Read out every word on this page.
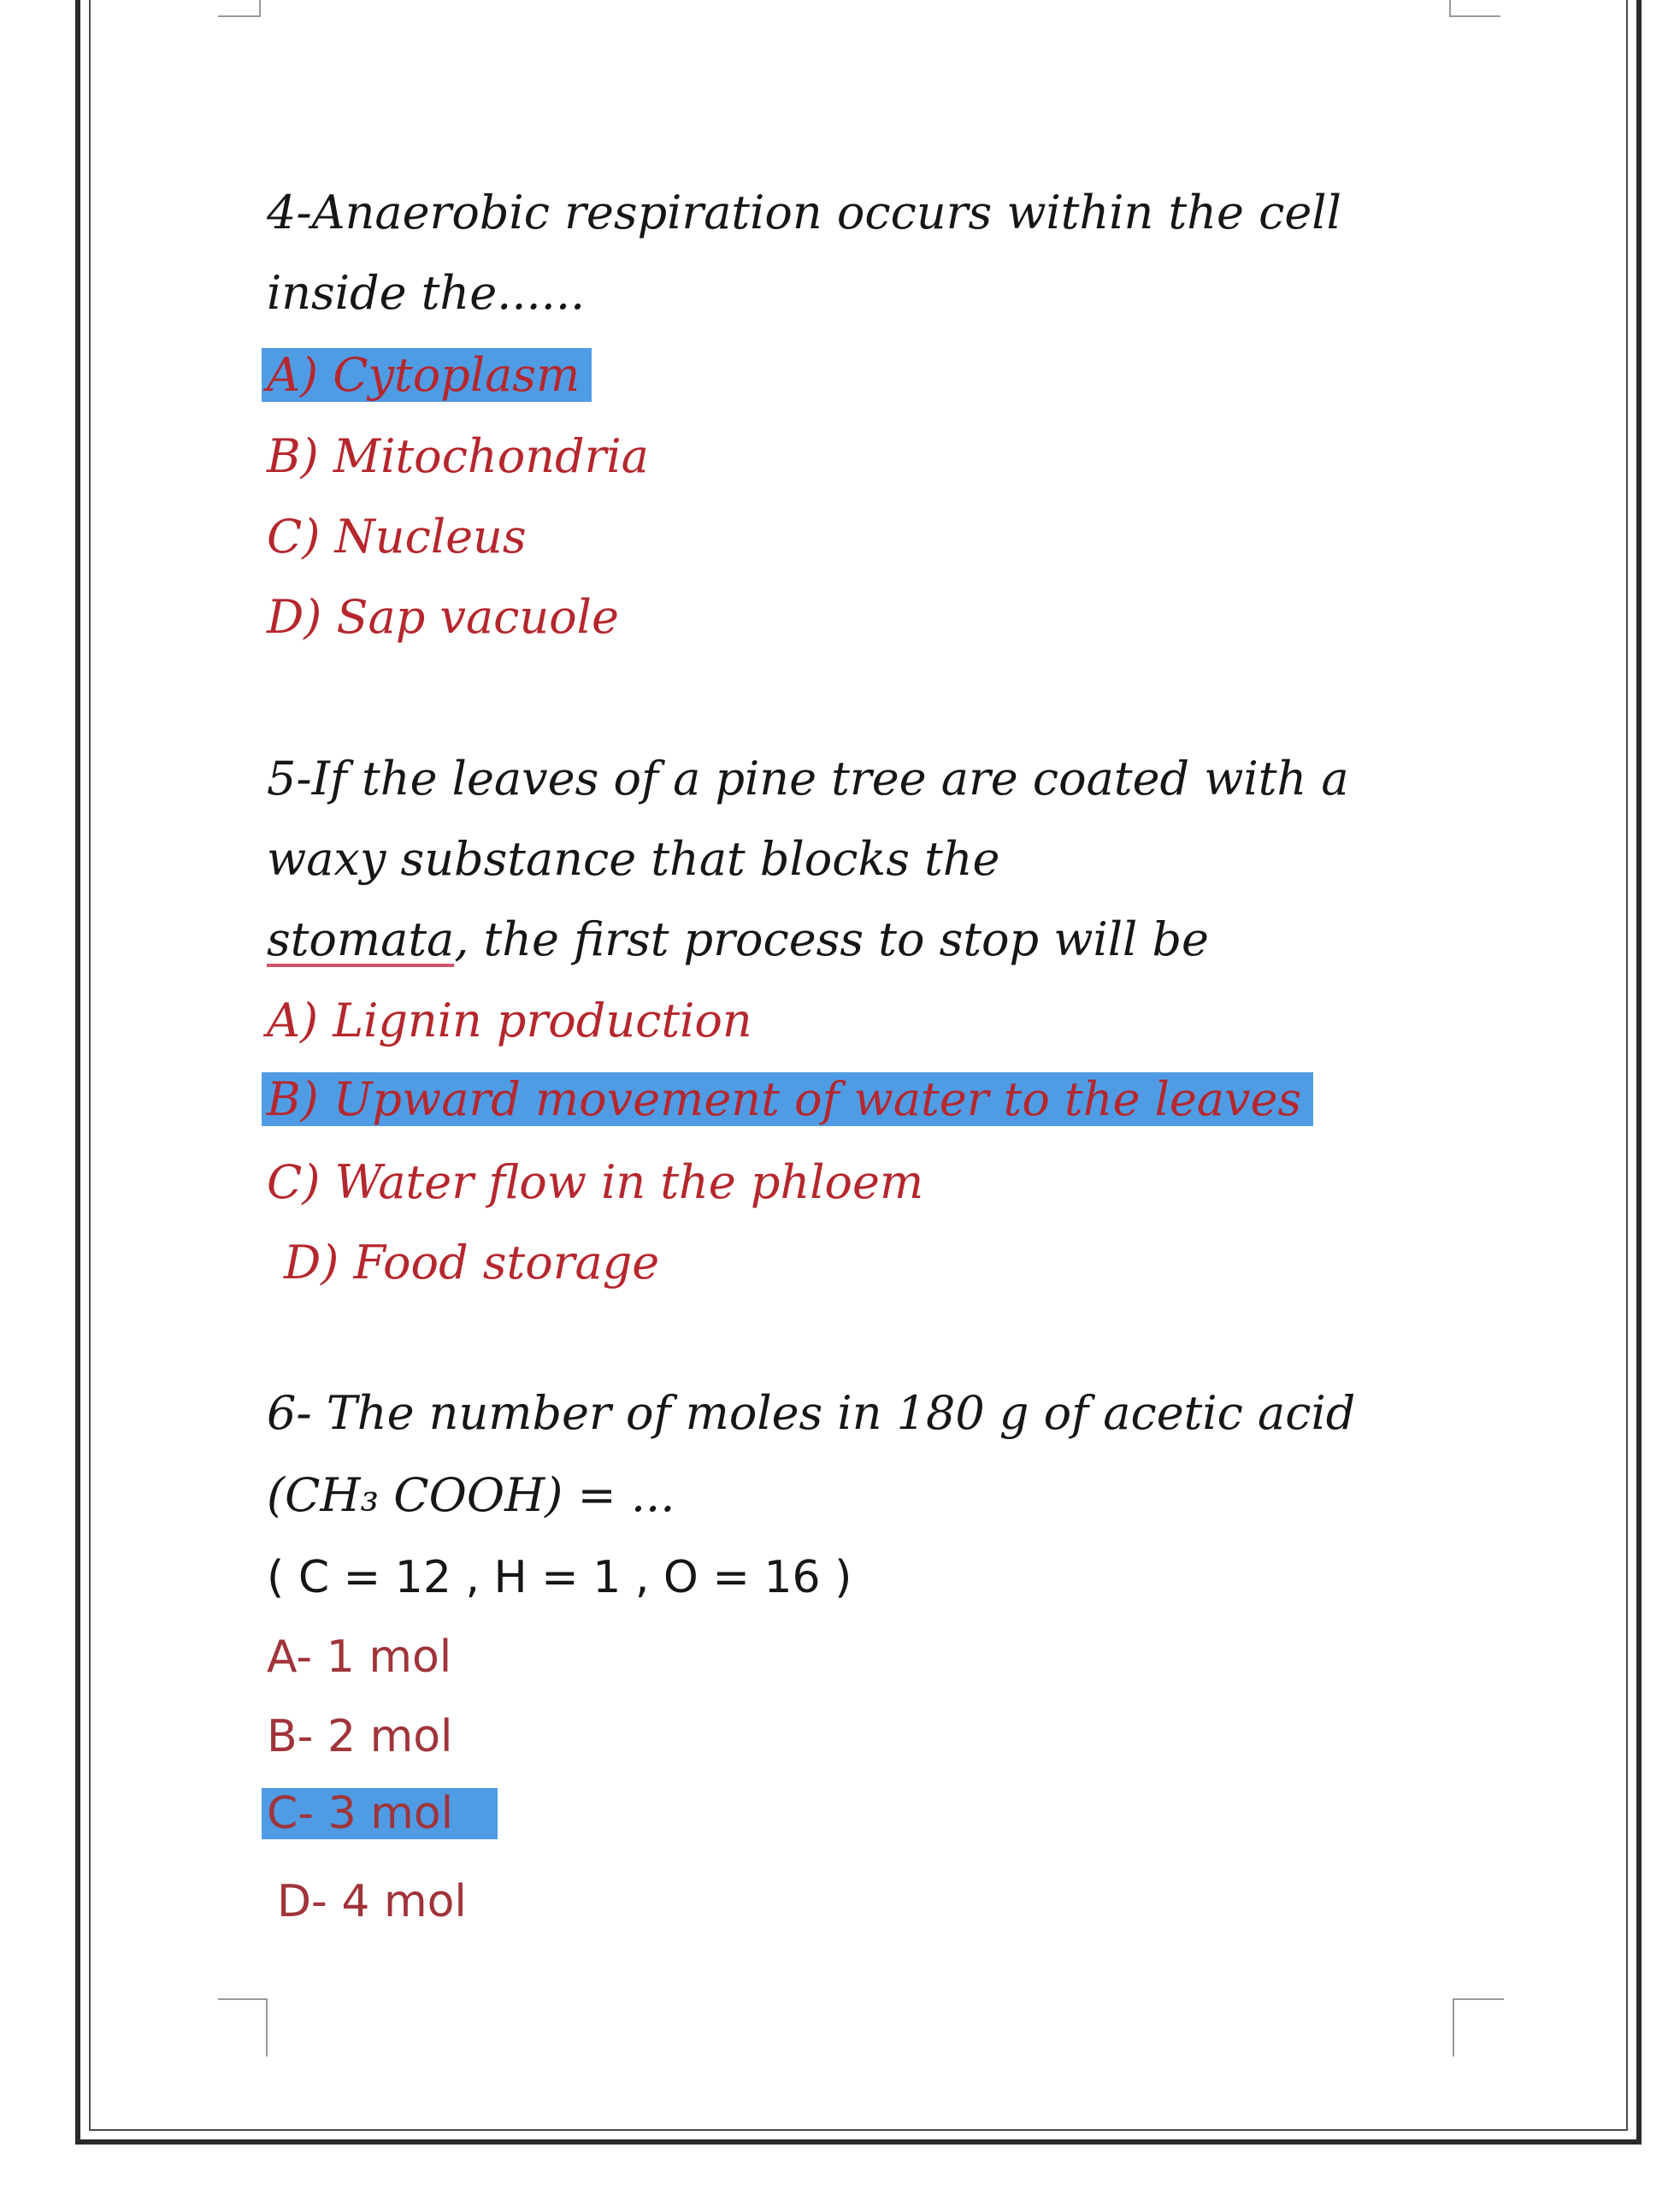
4-Anaerobic respiration occurs within the cell
inside the......
A) Cytoplasm
B) Mitochondria
C) Nucleus
D) Sap vacuole
5-If the leaves of a pine tree are coated with a
waxy substance that blocks the
stomata, the first process to stop will be
A) Lignin production
B) Upward movement of water to the leaves
C) Water flow in the phloem
D) Food storage
6- The number of moles in 180 g of acetic acid
(CH₃ COOH) = ...
( C = 12 , H = 1 , O = 16 )
A- 1 mol
B- 2 mol
C- 3 mol
D- 4 mol
